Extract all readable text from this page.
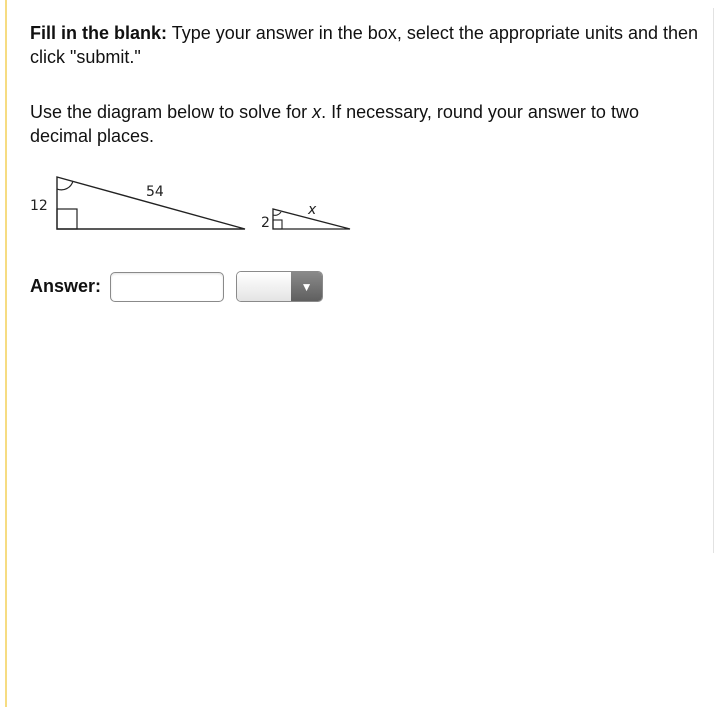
Fill in the blank: Type your answer in the box, select the appropriate units and then click "submit."

Use the diagram below to solve for x. If necessary, round your answer to two decimal places.

12
54
2
x
Answer:	▼
